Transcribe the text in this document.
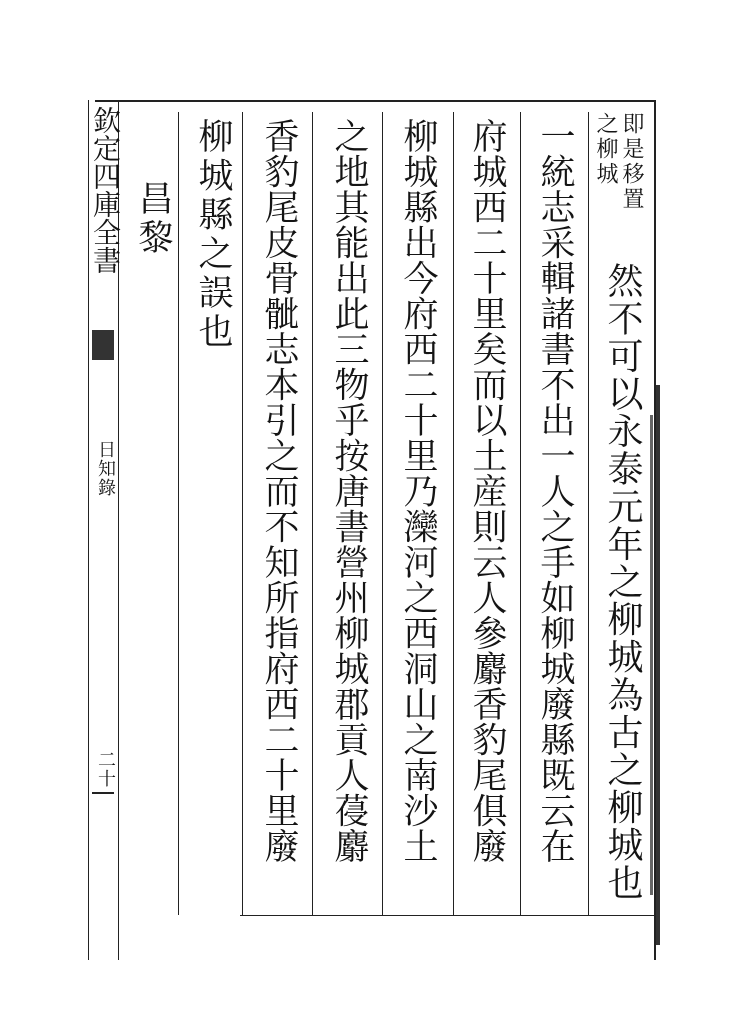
欽定四庫全書
日知錄
二十
即是移置
之柳城
然不可以永泰元年之柳城為古之柳城也
一統志采輯諸書不出一人之手如柳城廢縣既云在
府城西二十里矣而以土産則云人參麝香豹尾俱廢
柳城縣出今府西二十里乃灤河之西洞山之南沙土
之地其能出此三物乎按唐書營州柳城郡貢人葠麝
香豹尾皮骨骴志本引之而不知所指府西二十里廢
柳城縣之誤也
昌黎
